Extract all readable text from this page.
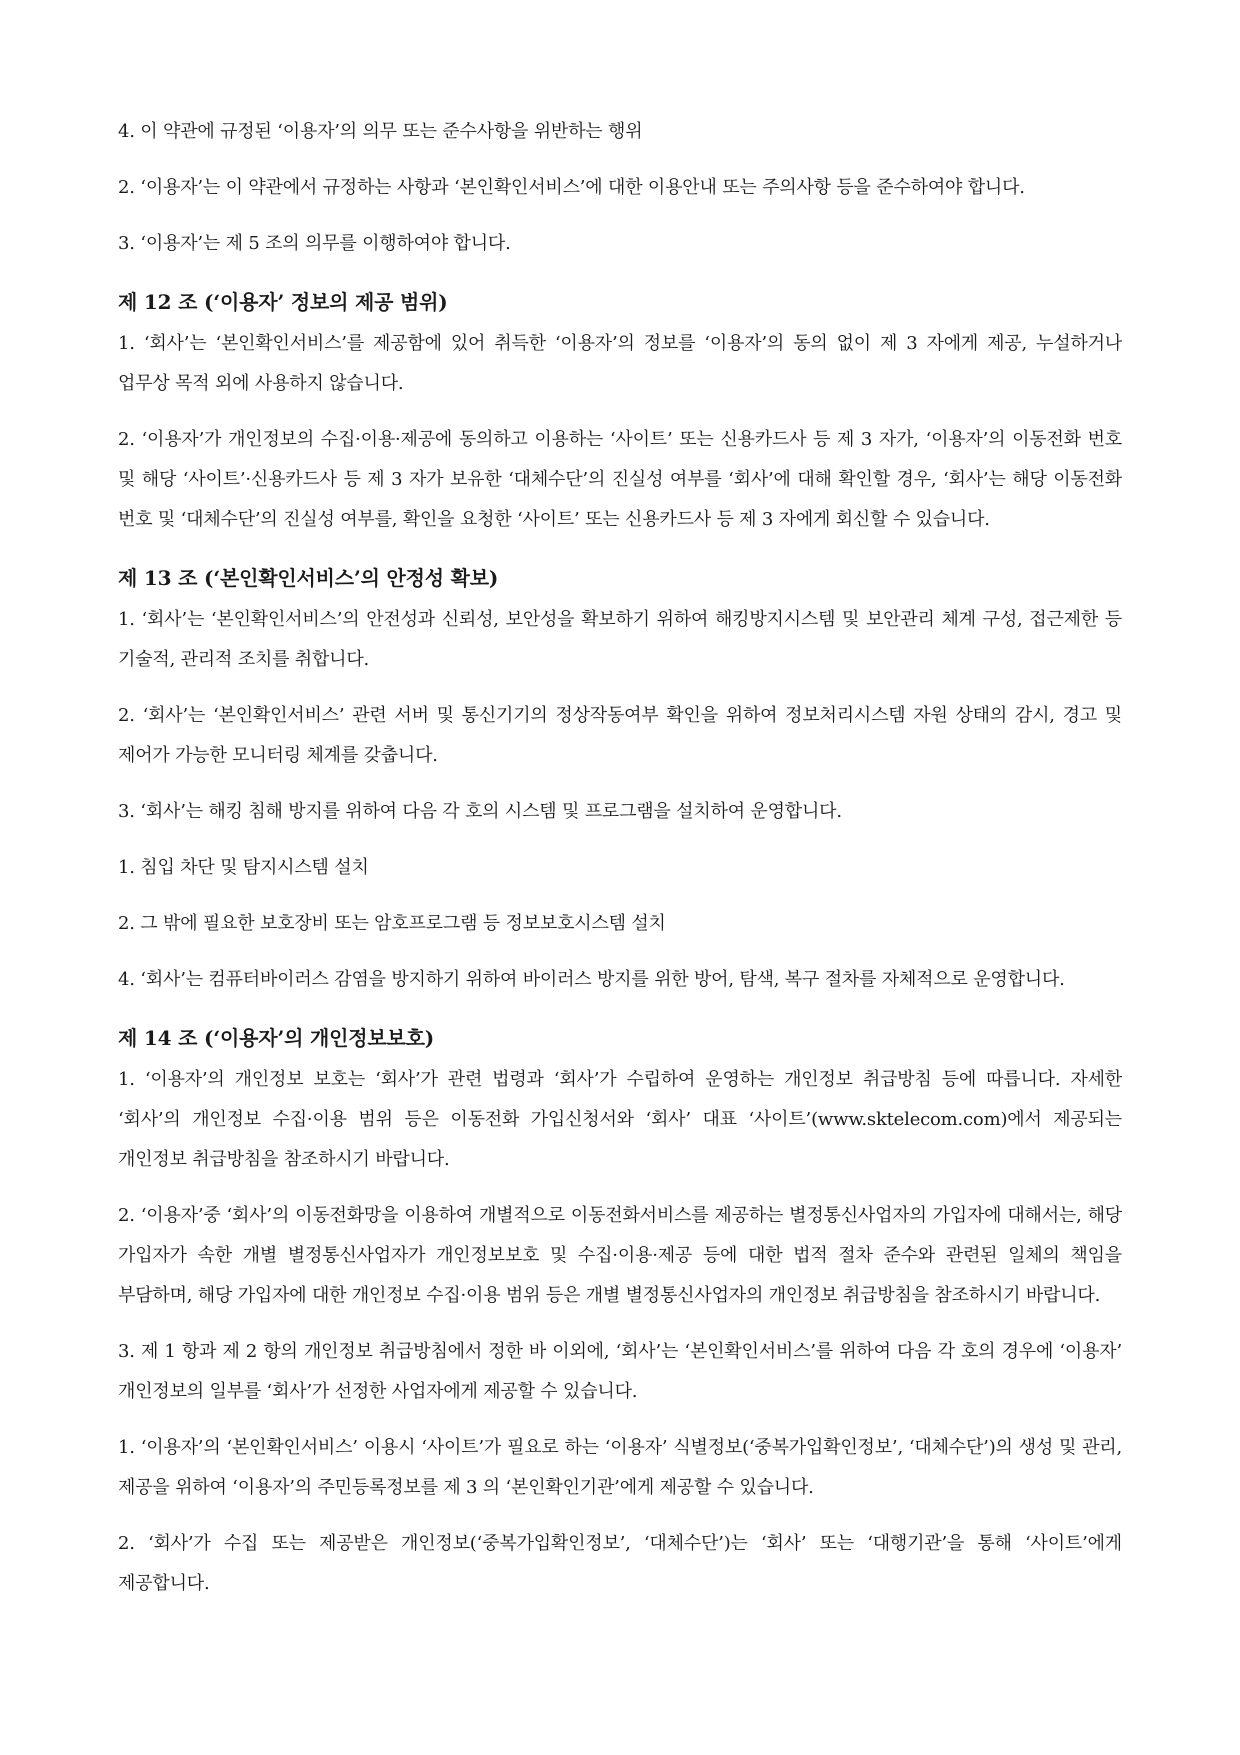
4. 이 약관에 규정된 ‘이용자’의 의무 또는 준수사항을 위반하는 행위

2. ‘이용자’는 이 약관에서 규정하는 사항과 ‘본인확인서비스’에 대한 이용안내 또는 주의사항 등을 준수하여야 합니다.

3. ‘이용자’는 제 5 조의 의무를 이행하여야 합니다.

제 12 조 (‘이용자’ 정보의 제공 범위)

1. ‘회사’는 ‘본인확인서비스’를 제공함에 있어 취득한 ‘이용자’의 정보를 ‘이용자’의 동의 없이 제 3 자에게 제공, 누설하거나 업무상 목적 외에 사용하지 않습니다.

2. ‘이용자’가 개인정보의 수집·이용·제공에 동의하고 이용하는 ‘사이트’ 또는 신용카드사 등 제 3 자가, ‘이용자’의 이동전화 번호 및 해당 ‘사이트’·신용카드사 등 제 3 자가 보유한 ‘대체수단’의 진실성 여부를 ‘회사’에 대해 확인할 경우, ‘회사’는 해당 이동전화 번호 및 ‘대체수단’의 진실성 여부를, 확인을 요청한 ‘사이트’ 또는 신용카드사 등 제 3 자에게 회신할 수 있습니다.

제 13 조 (‘본인확인서비스’의 안정성 확보)

1. ‘회사’는 ‘본인확인서비스’의 안전성과 신뢰성, 보안성을 확보하기 위하여 해킹방지시스템 및 보안관리 체계 구성, 접근제한 등 기술적, 관리적 조치를 취합니다.

2. ‘회사’는 ‘본인확인서비스’ 관련 서버 및 통신기기의 정상작동여부 확인을 위하여 정보처리시스템 자원 상태의 감시, 경고 및 제어가 가능한 모니터링 체계를 갖춥니다.

3. ‘회사’는 해킹 침해 방지를 위하여 다음 각 호의 시스템 및 프로그램을 설치하여 운영합니다.

1. 침입 차단 및 탐지시스템 설치

2. 그 밖에 필요한 보호장비 또는 암호프로그램 등 정보보호시스템 설치

4. ‘회사’는 컴퓨터바이러스 감염을 방지하기 위하여 바이러스 방지를 위한 방어, 탐색, 복구 절차를 자체적으로 운영합니다.

제 14 조 (‘이용자’의 개인정보보호)

1. ‘이용자’의 개인정보 보호는 ‘회사’가 관련 법령과 ‘회사’가 수립하여 운영하는 개인정보 취급방침 등에 따릅니다. 자세한 ‘회사’의 개인정보 수집·이용 범위 등은 이동전화 가입신청서와 ‘회사’ 대표 ‘사이트’(www.sktelecom.com)에서 제공되는 개인정보 취급방침을 참조하시기 바랍니다.

2. ‘이용자’중 ‘회사’의 이동전화망을 이용하여 개별적으로 이동전화서비스를 제공하는 별정통신사업자의 가입자에 대해서는, 해당 가입자가 속한 개별 별정통신사업자가 개인정보보호 및 수집·이용·제공 등에 대한 법적 절차 준수와 관련된 일체의 책임을 부담하며, 해당 가입자에 대한 개인정보 수집·이용 범위 등은 개별 별정통신사업자의 개인정보 취급방침을 참조하시기 바랍니다.

3. 제 1 항과 제 2 항의 개인정보 취급방침에서 정한 바 이외에, ‘회사’는 ‘본인확인서비스’를 위하여 다음 각 호의 경우에 ‘이용자’ 개인정보의 일부를 ‘회사’가 선정한 사업자에게 제공할 수 있습니다.

1. ‘이용자’의 ‘본인확인서비스’ 이용시 ‘사이트’가 필요로 하는 ‘이용자’ 식별정보(‘중복가입확인정보’, ‘대체수단’)의 생성 및 관리, 제공을 위하여 ‘이용자’의 주민등록정보를 제 3 의 ‘본인확인기관’에게 제공할 수 있습니다.

2. ‘회사’가 수집 또는 제공받은 개인정보(‘중복가입확인정보’, ‘대체수단’)는 ‘회사’ 또는 ‘대행기관’을 통해 ‘사이트’에게 제공합니다.
